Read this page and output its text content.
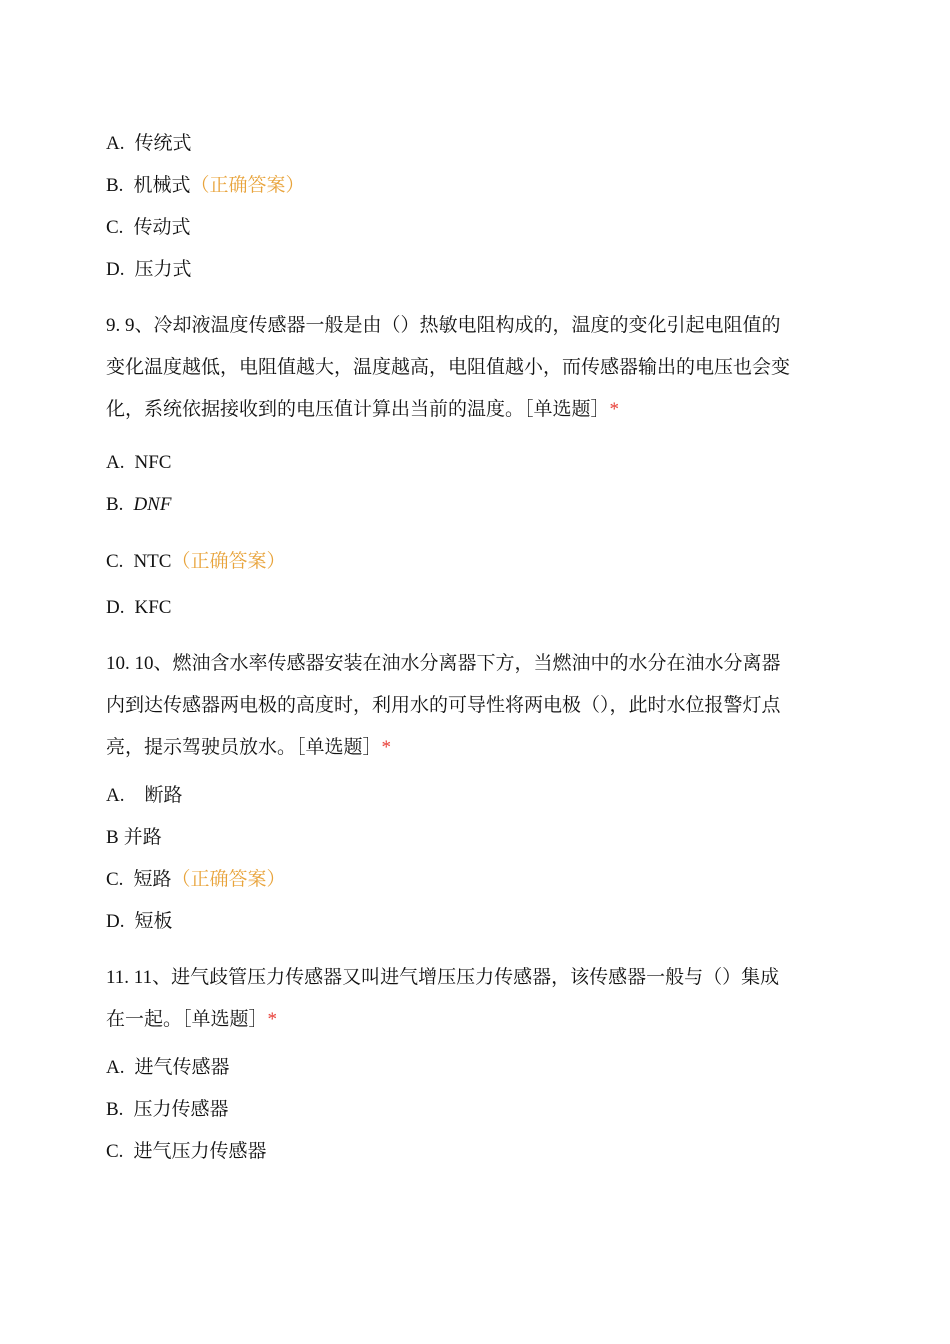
A. 传统式
B. 机械式（正确答案）
C. 传动式
D. 压力式
9. 9、冷却液温度传感器一般是由（）热敏电阻构成的，温度的变化引起电阻值的
变化温度越低，电阻值越大，温度越高，电阻值越小，而传感器输出的电压也会变
化，系统依据接收到的电压值计算出当前的温度。［单选题］*
A. NFC
B. DNF
C. NTC（正确答案）
D. KFC
10. 10、燃油含水率传感器安装在油水分离器下方，当燃油中的水分在油水分离器
内到达传感器两电极的高度时，利用水的可导性将两电极（），此时水位报警灯点
亮，提示驾驶员放水。［单选题］*
A. 断路
B 并路
C. 短路（正确答案）
D. 短板
11. 11、进气歧管压力传感器又叫进气增压压力传感器，该传感器一般与（）集成
在一起。［单选题］*
A. 进气传感器
B. 压力传感器
C. 进气压力传感器
